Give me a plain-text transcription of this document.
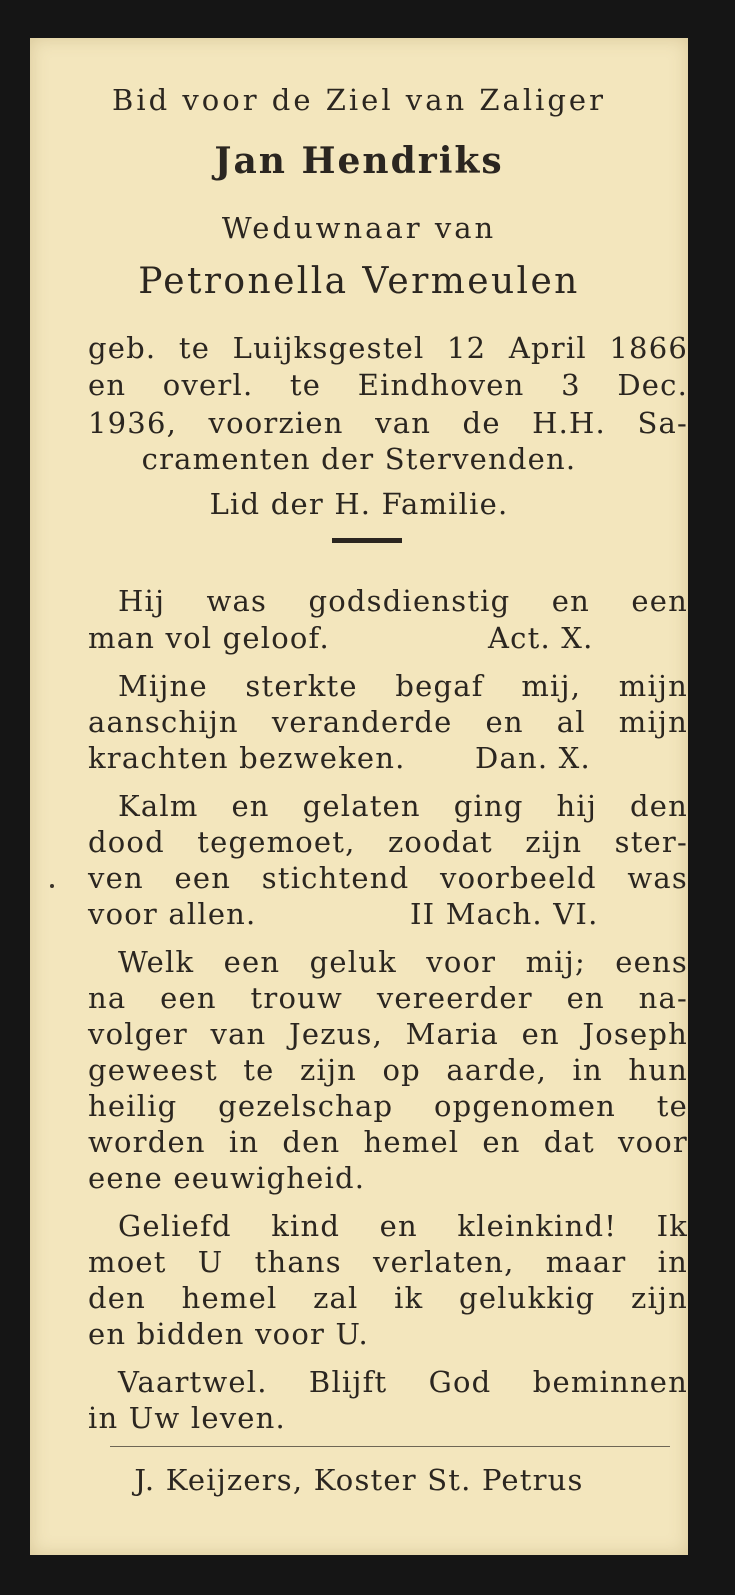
Bid voor de Ziel van Zaliger
Jan Hendriks
Weduwnaar van
Petronella Vermeulen
geb. te Luijksgestel 12 April 1866
en overl. te Eindhoven 3 Dec.
1936, voorzien van de H.H. Sa-
cramenten der Stervenden.
Lid der H. Familie.
Hij was godsdienstig en een
man vol geloof.	Act. X.
Mijne sterkte begaf mij, mijn
aanschijn veranderde en al mijn
krachten bezweken.	Dan. X.
Kalm en gelaten ging hij den
dood tegemoet, zoodat zijn ster-
ven een stichtend voorbeeld was
voor allen.	II Mach. VI.
Welk een geluk voor mij; eens
na een trouw vereerder en na-
volger van Jezus, Maria en Joseph
geweest te zijn op aarde, in hun
heilig gezelschap opgenomen te
worden in den hemel en dat voor
eene eeuwigheid.
Geliefd kind en kleinkind! Ik
moet U thans verlaten, maar in
den hemel zal ik gelukkig zijn
en bidden voor U.
Vaartwel. Blijft God beminnen
in Uw leven.
J. Keijzers, Koster St. Petrus
